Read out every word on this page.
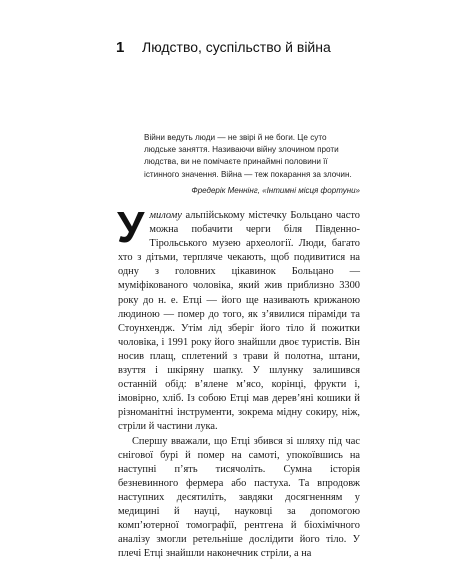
1 Людство, суспільство й війна

Війни ведуть люди — не звірі й не боги. Це суто людське заняття. Називаючи війну злочином проти людства, ви не помічаєте принаймні половини її істинного значення. Війна — теж покарання за злочин.

Фредерік Меннінг, «Інтимні місця фортуни»

Умилому альпійському містечку Больцано часто можна побачити черги біля Південно-Тірольського музею археології. Люди, багато хто з дітьми, терпляче чекають, щоб подивитися на одну з головних цікавинок Больцано — муміфікованого чоловіка, який жив приблизно 3300 року до н. е. Етці — його ще називають крижаною людиною — помер до того, як з’явилися піраміди та Стоунхендж. Утім лід зберіг його тіло й пожитки чоловіка, і 1991 року його знайшли двоє туристів. Він носив плащ, сплетений з трави й полотна, штани, взуття і шкіряну шапку. У шлунку залишився останній обід: в’ялене м’ясо, корінці, фрукти і, імовірно, хліб. Із собою Етці мав дерев’яні кошики й різноманітні інструменти, зокрема мідну сокиру, ніж, стріли й частини лука.

Спершу вважали, що Етці збився зі шляху під час снігової бурі й помер на самоті, упокоївшись на наступні п’ять тисячоліть. Сумна історія безневинного фермера або пастуха. Та впродовж наступних десятиліть, завдяки досягненням у медицині й науці, науковці за допомогою комп’ютерної томографії, рентгена й біохімічного аналізу змогли ретельніше дослідити його тіло. У плечі Етці знайшли наконечник стріли, а на
